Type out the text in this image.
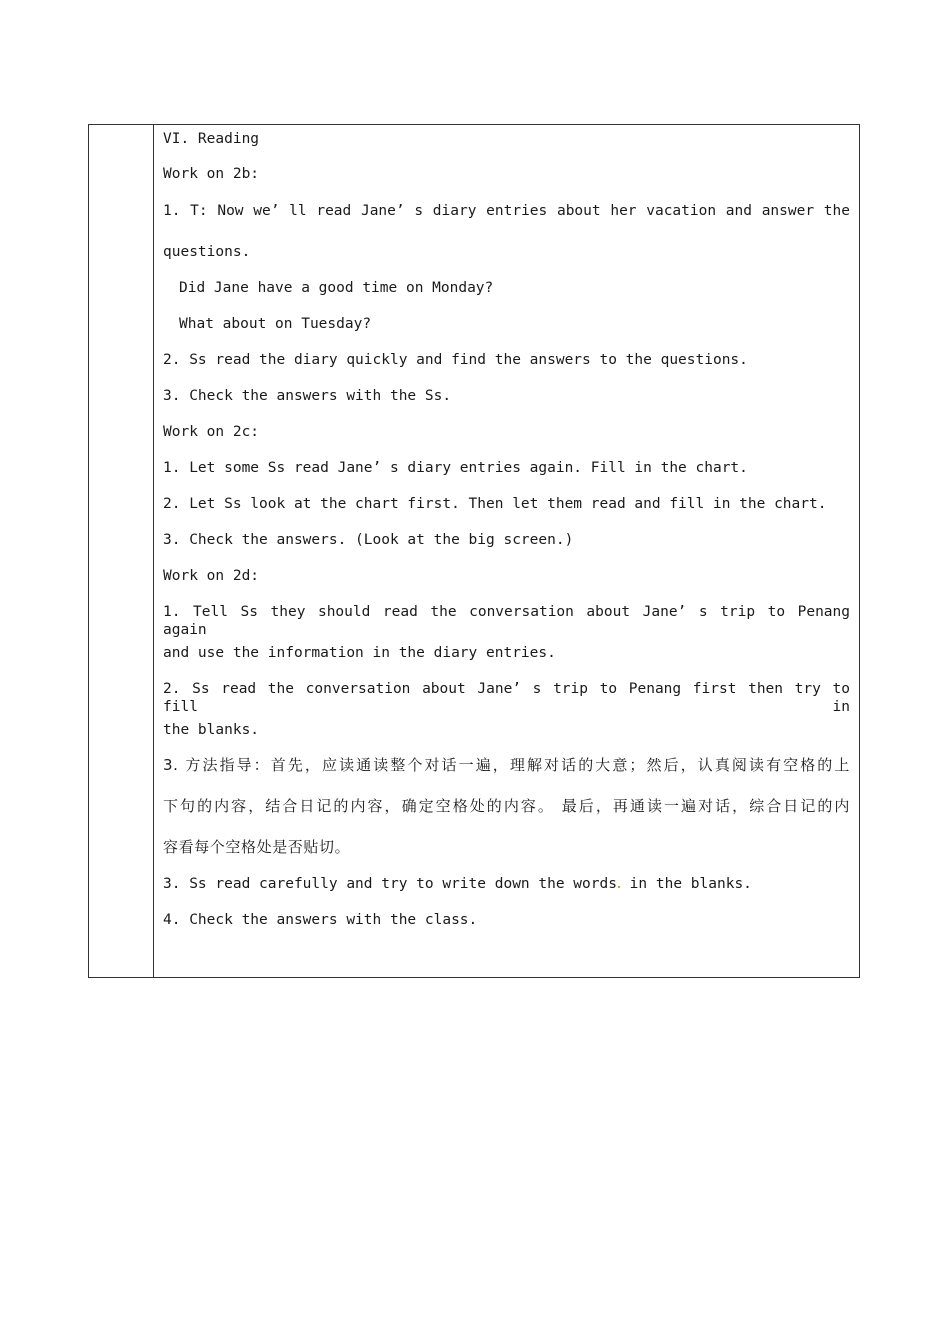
VI. Reading
Work on 2b:
1. T: Now we’ ll read Jane’ s diary entries about her vacation and answer the
questions.
Did Jane have a good time on Monday?
What about on Tuesday?
2. Ss read the diary quickly and find the answers to the questions.
3. Check the answers with the Ss.
Work on 2c:
1. Let some Ss read Jane’ s diary entries again. Fill in the chart.
2. Let Ss look at the chart first. Then let them read and fill in the chart.
3. Check the answers. (Look at the big screen.)
Work on 2d:
1. Tell Ss they should read the conversation about Jane’ s trip to Penang again
and use the information in the diary entries.
2. Ss read the conversation about Jane’ s trip to Penang first then try to fill in
the blanks.
3. 方法指导：首先，应读通读整个对话一遍，理解对话的大意；然后，认真阅读有空格的上
下句的内容，结合日记的内容，确定空格处的内容。 最后，再通读一遍对话，综合日记的内
容看每个空格处是否贴切。
3. Ss read carefully and try to write down the words in the blanks.
4. Check the answers with the class.
